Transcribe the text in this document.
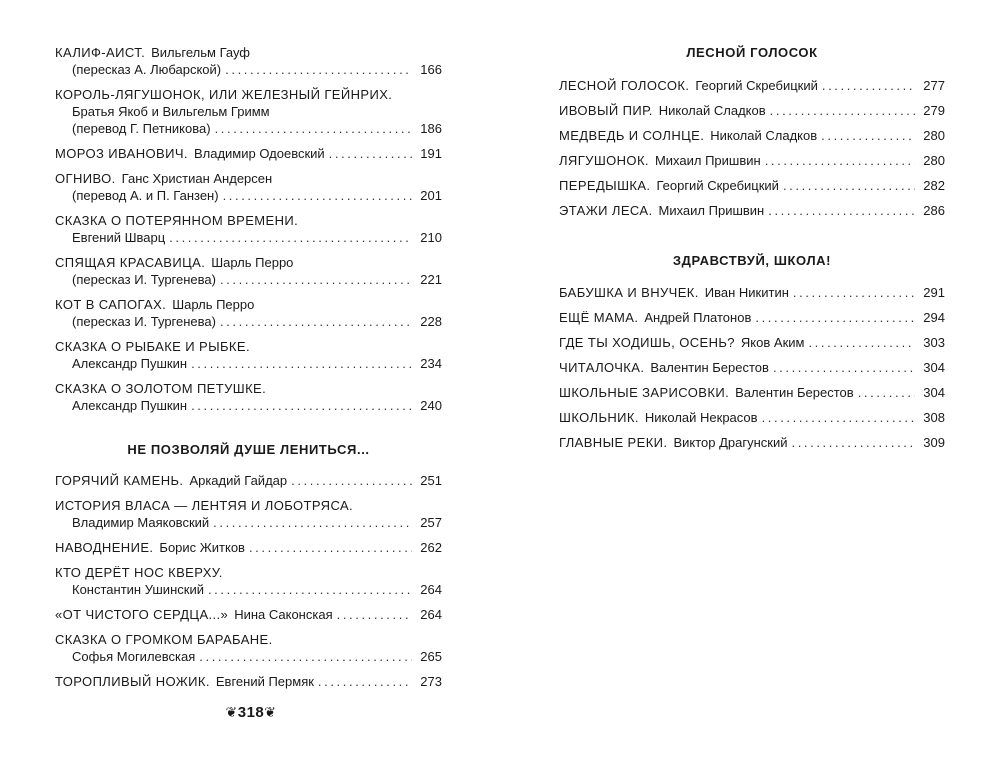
КАЛИФ-АИСТ. Вильгельм Гауф
(пересказ А. Любарской) .....	166
КОРОЛЬ-ЛЯГУШОНОК, ИЛИ ЖЕЛЕЗНЫЙ ГЕЙНРИХ.
Братья Якоб и Вильгельм Гримм
(перевод Г. Петникова) .....	186
МОРОЗ ИВАНОВИЧ. Владимир Одоевский .....	191
ОГНИВО. Ганс Христиан Андерсен
(перевод А. и П. Ганзен) .....	201
СКАЗКА О ПОТЕРЯННОМ ВРЕМЕНИ.
Евгений Шварц .....	210
СПЯЩАЯ КРАСАВИЦА. Шарль Перро
(пересказ И. Тургенева) .....	221
КОТ В САПОГАХ. Шарль Перро
(пересказ И. Тургенева) .....	228
СКАЗКА О РЫБАКЕ И РЫБКЕ.
Александр Пушкин .....	234
СКАЗКА О ЗОЛОТОМ ПЕТУШКЕ.
Александр Пушкин .....	240
НЕ ПОЗВОЛЯЙ ДУШЕ ЛЕНИТЬСЯ...
ГОРЯЧИЙ КАМЕНЬ. Аркадий Гайдар .....	251
ИСТОРИЯ ВЛАСА — ЛЕНТЯЯ И ЛОБОТРЯСА.
Владимир Маяковский .....	257
НАВОДНЕНИЕ. Борис Житков .....	262
КТО ДЕРЁТ НОС КВЕРХУ.
Константин Ушинский .....	264
«ОТ ЧИСТОГО СЕРДЦА...» Нина Саконская .....	264
СКАЗКА О ГРОМКОМ БАРАБАНЕ.
Софья Могилевская .....	265
ТОРОПЛИВЫЙ НОЖИК. Евгений Пермяк .....	273
ЛЕСНОЙ ГОЛОСОК
ЛЕСНОЙ ГОЛОСОК. Георгий Скребицкий .....	277
ИВОВЫЙ ПИР. Николай Сладков .....	279
МЕДВЕДЬ И СОЛНЦЕ. Николай Сладков .....	280
ЛЯГУШОНОК. Михаил Пришвин .....	280
ПЕРЕДЫШКА. Георгий Скребицкий .....	282
ЭТАЖИ ЛЕСА. Михаил Пришвин .....	286
ЗДРАВСТВУЙ, ШКОЛА!
БАБУШКА И ВНУЧЕК. Иван Никитин .....	291
ЕЩЁ МАМА. Андрей Платонов .....	294
ГДЕ ТЫ ХОДИШЬ, ОСЕНЬ? Яков Аким .....	303
ЧИТАЛОЧКА. Валентин Берестов .....	304
ШКОЛЬНЫЕ ЗАРИСОВКИ. Валентин Берестов .....	304
ШКОЛЬНИК. Николай Некрасов .....	308
ГЛАВНЫЕ РЕКИ. Виктор Драгунский .....	309
❦ 318 ❦
